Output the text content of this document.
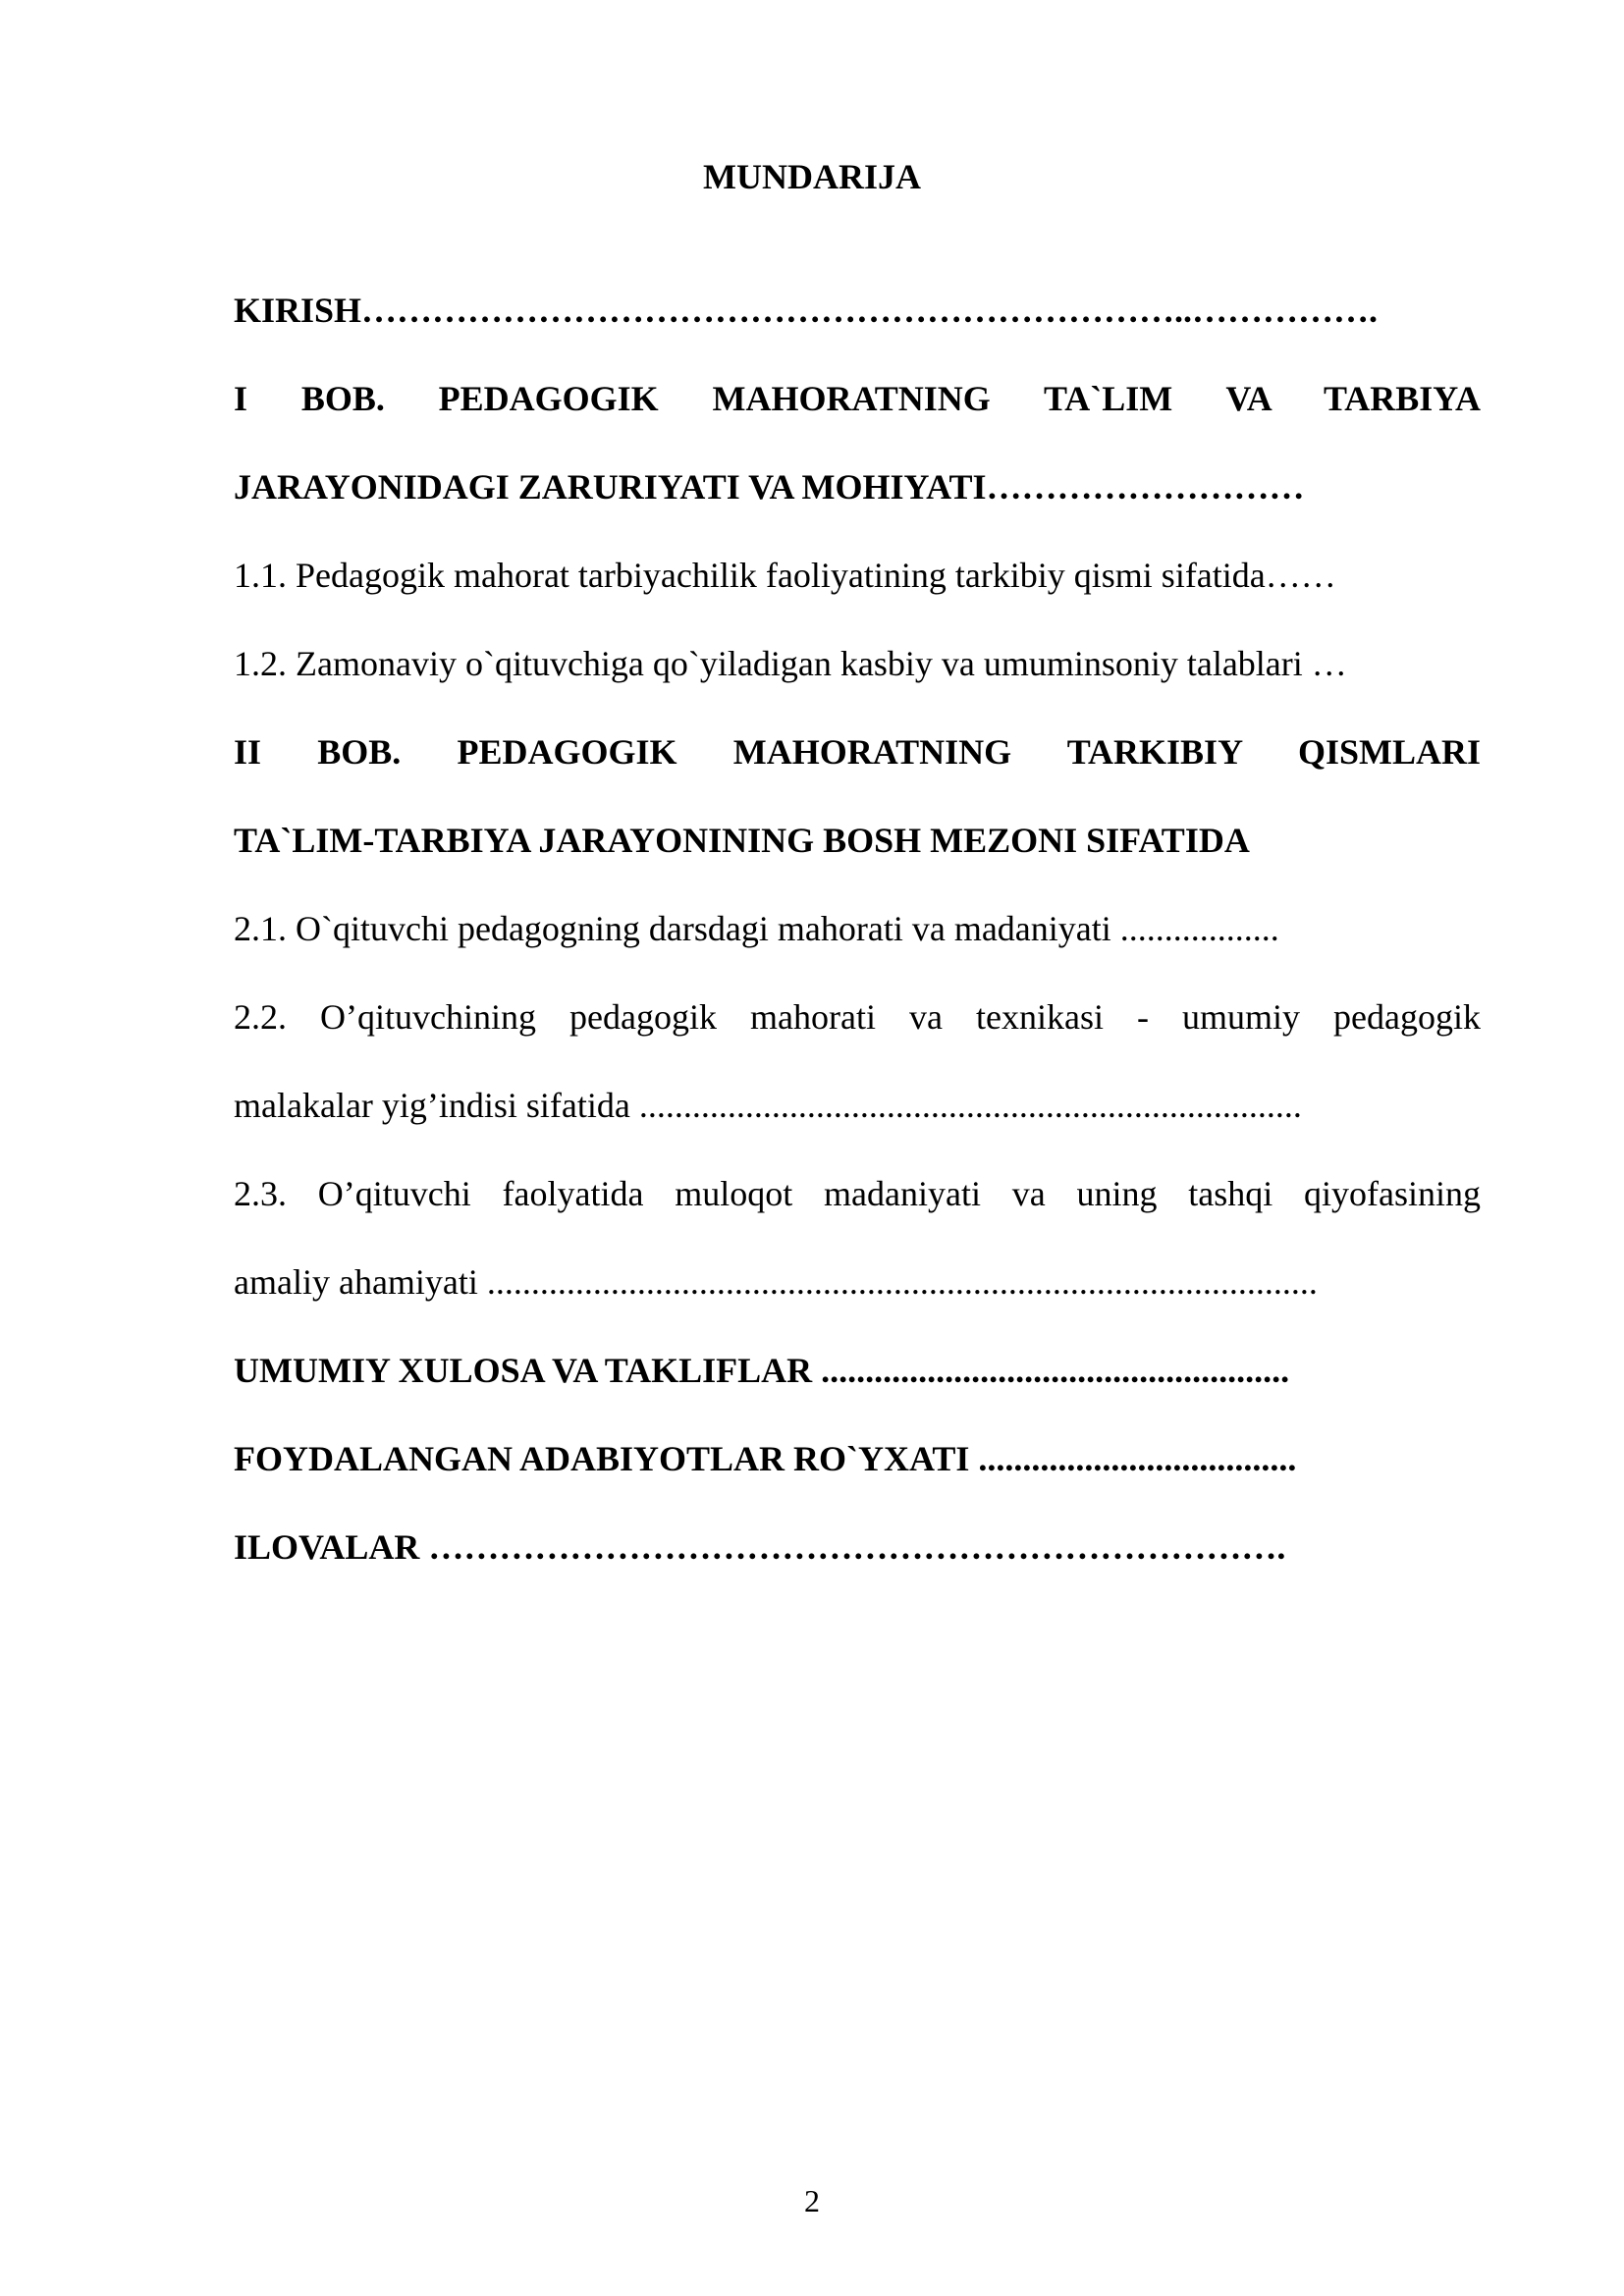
MUNDARIJA
KIRISH……………………………………………………………..…………….
I BOB. PEDAGOGIK MAHORATNING TA`LIM VA TARBIYA
JARAYONIDAGI ZARURIYATI VA MOHIYATI………………………
1.1. Pedagogik mahorat tarbiyachilik faoliyatining tarkibiy qismi sifatida……
1.2. Zamonaviy o`qituvchiga qo`yiladigan kasbiy va umuminsoniy talablari …
II BOB. PEDAGOGIK MAHORATNING TARKIBIY QISMLARI
TA`LIM-TARBIYA JARAYONINING BOSH MEZONI SIFATIDA
2.1. O`qituvchi pedagogning darsdagi mahorati va madaniyati ..................
2.2. O’qituvchining pedagogik mahorati va texnikasi - umumiy pedagogik
malakalar yig’indisi sifatida ...........................................................................
2.3. O’qituvchi faolyatida muloqot madaniyati va uning tashqi qiyofasining
amaliy ahamiyati ..............................................................................................
UMUMIY XULOSA VA TAKLIFLAR .....................................................
FOYDALANGAN ADABIYOTLAR RO`YXATI ....................................
ILOVALAR ……………………………………………………………….
2
